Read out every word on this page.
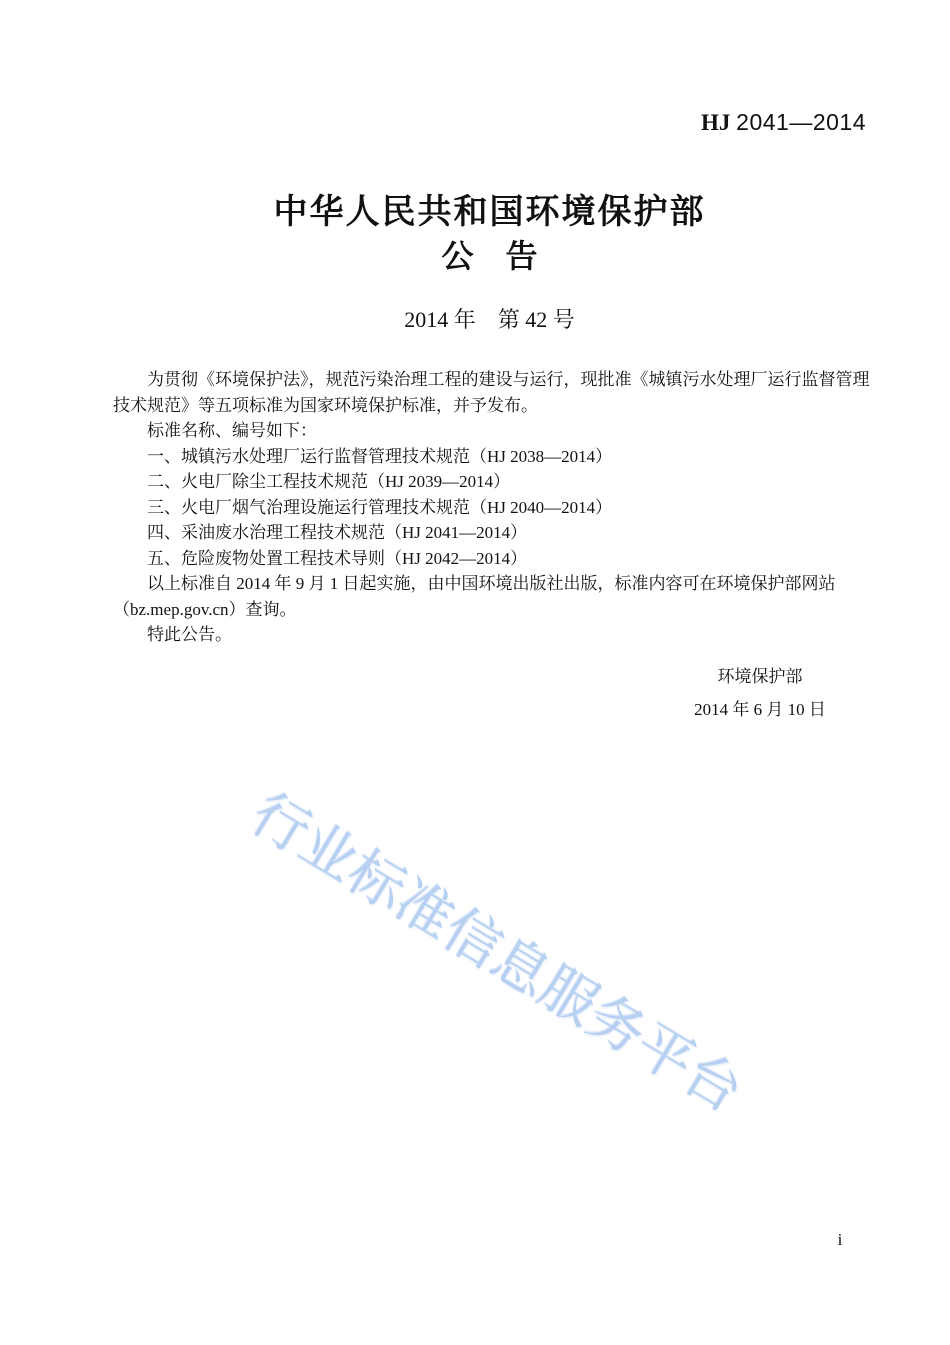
HJ 2041—2014
中华人民共和国环境保护部
公　告
2014 年　第 42 号
为贯彻《环境保护法》，规范污染治理工程的建设与运行，现批准《城镇污水处理厂运行监督管理
技术规范》等五项标准为国家环境保护标准，并予发布。
标准名称、编号如下：
一、城镇污水处理厂运行监督管理技术规范（HJ 2038—2014）
二、火电厂除尘工程技术规范（HJ 2039—2014）
三、火电厂烟气治理设施运行管理技术规范（HJ 2040—2014）
四、采油废水治理工程技术规范（HJ 2041—2014）
五、危险废物处置工程技术导则（HJ 2042—2014）
以上标准自 2014 年 9 月 1 日起实施，由中国环境出版社出版，标准内容可在环境保护部网站
（bz.mep.gov.cn）查询。
特此公告。
环境保护部
2014 年 6 月 10 日
行业标准信息服务平台
i
